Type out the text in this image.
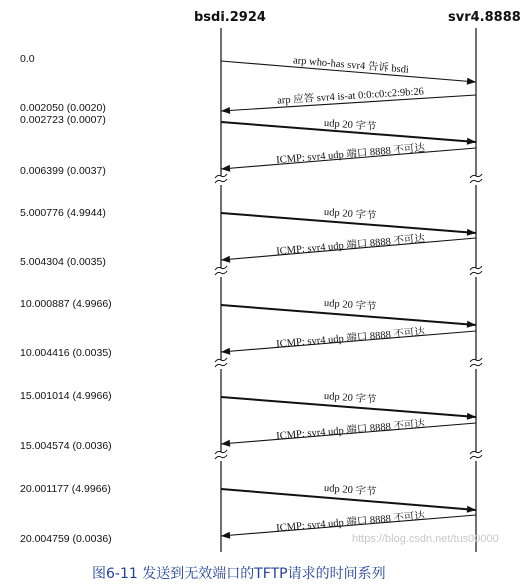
bsdi.2924	svr4.8888
0.0
0.002050 (0.0020)
0.002723 (0.0007)
0.006399 (0.0037)
5.000776 (4.9944)
5.004304 (0.0035)
10.000887 (4.9966)
10.004416 (0.0035)
15.001014 (4.9966)
15.004574 (0.0036)
20.001177 (4.9966)
20.004759 (0.0036)
arp who-has svr4 告诉 bsdi
arp 应答 svr4 is-at 0:0:c0:c2:9b:26
udp 20 字节
ICMP: svr4 udp 端口 8888 不可达
udp 20 字节
ICMP: svr4 udp 端口 8888 不可达
udp 20 字节
ICMP: svr4 udp 端口 8888 不可达
udp 20 字节
ICMP: svr4 udp 端口 8888 不可达
udp 20 字节
ICMP: svr4 udp 端口 8888 不可达
https://blog.csdn.net/tus00000
图6-11 发送到无效端口的TFTP请求的时间系列
